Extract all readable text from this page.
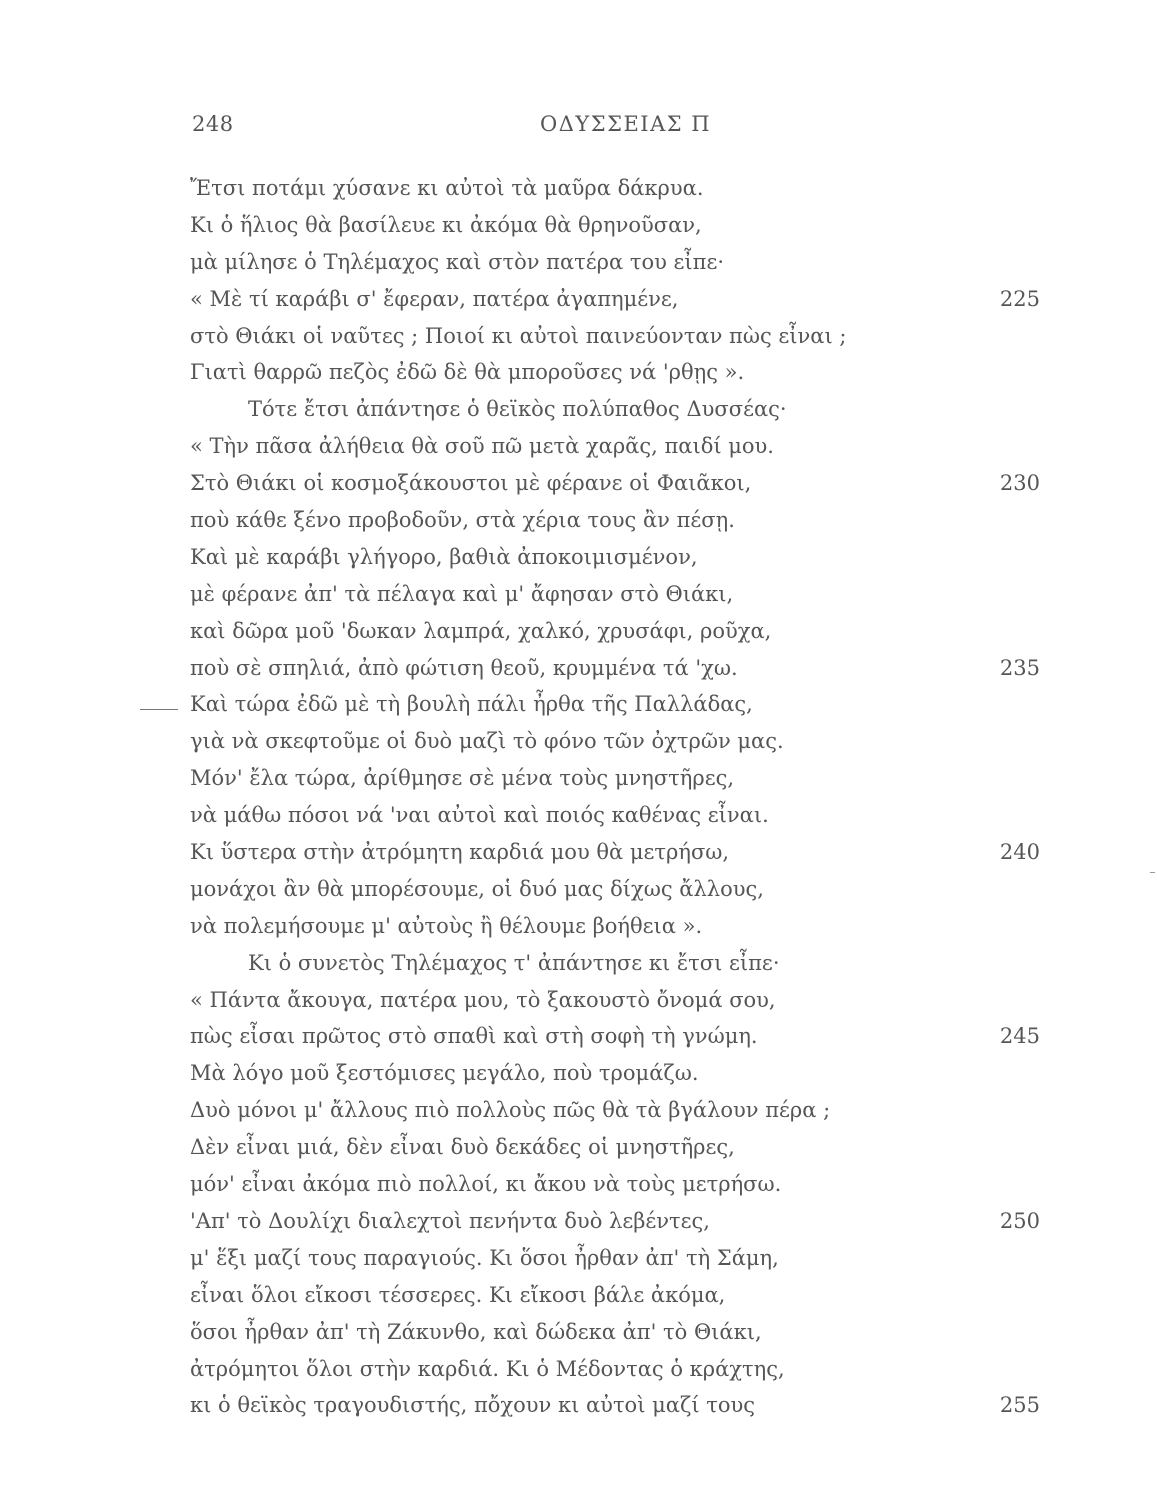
248	ΟΔΥΣΣΕΙΑΣ Π
Ἔτσι ποτάμι χύσανε κι αὐτοὶ τὰ μαῦρα δάκρυα.
Κι ὁ ἥλιος θὰ βασίλευε κι ἀκόμα θὰ θρηνοῦσαν,
μὰ μίλησε ὁ Τηλέμαχος καὶ στὸν πατέρα του εἶπε·
« Μὲ τί καράβι σ' ἔφεραν, πατέρα ἀγαπημένε,	225
στὸ Θιάκι οἱ ναῦτες ; Ποιοί κι αὐτοὶ παινεύονταν πὼς εἶναι ;
Γιατὶ θαρρῶ πεζὸς ἐδῶ δὲ θὰ μποροῦσες νά 'ρθῃς ».
Τότε ἔτσι ἀπάντησε ὁ θεϊκὸς πολύπαθος Δυσσέας·
« Τὴν πᾶσα ἀλήθεια θὰ σοῦ πῶ μετὰ χαρᾶς, παιδί μου.
Στὸ Θιάκι οἱ κοσμοξάκουστοι μὲ φέρανε οἱ Φαιᾶκοι,	230
ποὺ κάθε ξένο προβοδοῦν, στὰ χέρια τους ἂν πέσῃ.
Καὶ μὲ καράβι γλήγορο, βαθιὰ ἀποκοιμισμένον,
μὲ φέρανε ἀπ' τὰ πέλαγα καὶ μ' ἄφησαν στὸ Θιάκι,
καὶ δῶρα μοῦ 'δωκαν λαμπρά, χαλκό, χρυσάφι, ροῦχα,
ποὺ σὲ σπηλιά, ἀπὸ φώτιση θεοῦ, κρυμμένα τά 'χω.	235
Καὶ τώρα ἐδῶ μὲ τὴ βουλὴ πάλι ἦρθα τῆς Παλλάδας,
γιὰ νὰ σκεφτοῦμε οἱ δυὸ μαζὶ τὸ φόνο τῶν ὀχτρῶν μας.
Μόν' ἔλα τώρα, ἀρίθμησε σὲ μένα τοὺς μνηστῆρες,
νὰ μάθω πόσοι νά 'ναι αὐτοὶ καὶ ποιός καθένας εἶναι.
Κι ὕστερα στὴν ἀτρόμητη καρδιά μου θὰ μετρήσω,	240
μονάχοι ἂν θὰ μπορέσουμε, οἱ δυό μας δίχως ἄλλους,
νὰ πολεμήσουμε μ' αὐτοὺς ἢ θέλουμε βοήθεια ».
Κι ὁ συνετὸς Τηλέμαχος τ' ἀπάντησε κι ἔτσι εἶπε·
« Πάντα ἄκουγα, πατέρα μου, τὸ ξακουστὸ ὄνομά σου,
πὼς εἶσαι πρῶτος στὸ σπαθὶ καὶ στὴ σοφὴ τὴ γνώμη.	245
Μὰ λόγο μοῦ ξεστόμισες μεγάλο, ποὺ τρομάζω.
Δυὸ μόνοι μ' ἄλλους πιὸ πολλοὺς πῶς θὰ τὰ βγάλουν πέρα ;
Δὲν εἶναι μιά, δὲν εἶναι δυὸ δεκάδες οἱ μνηστῆρες,
μόν' εἶναι ἀκόμα πιὸ πολλοί, κι ἄκου νὰ τοὺς μετρήσω.
'Απ' τὸ Δουλίχι διαλεχτοὶ πενήντα δυὸ λεβέντες,	250
μ' ἕξι μαζί τους παραγιούς. Κι ὅσοι ἦρθαν ἀπ' τὴ Σάμη,
εἶναι ὅλοι εἴκοσι τέσσερες. Κι εἴκοσι βάλε ἀκόμα,
ὅσοι ἦρθαν ἀπ' τὴ Ζάκυνθο, καὶ δώδεκα ἀπ' τὸ Θιάκι,
ἀτρόμητοι ὅλοι στὴν καρδιά. Κι ὁ Μέδοντας ὁ κράχτης,
κι ὁ θεϊκὸς τραγουδιστής, πὄχουν κι αὐτοὶ μαζί τους	255
